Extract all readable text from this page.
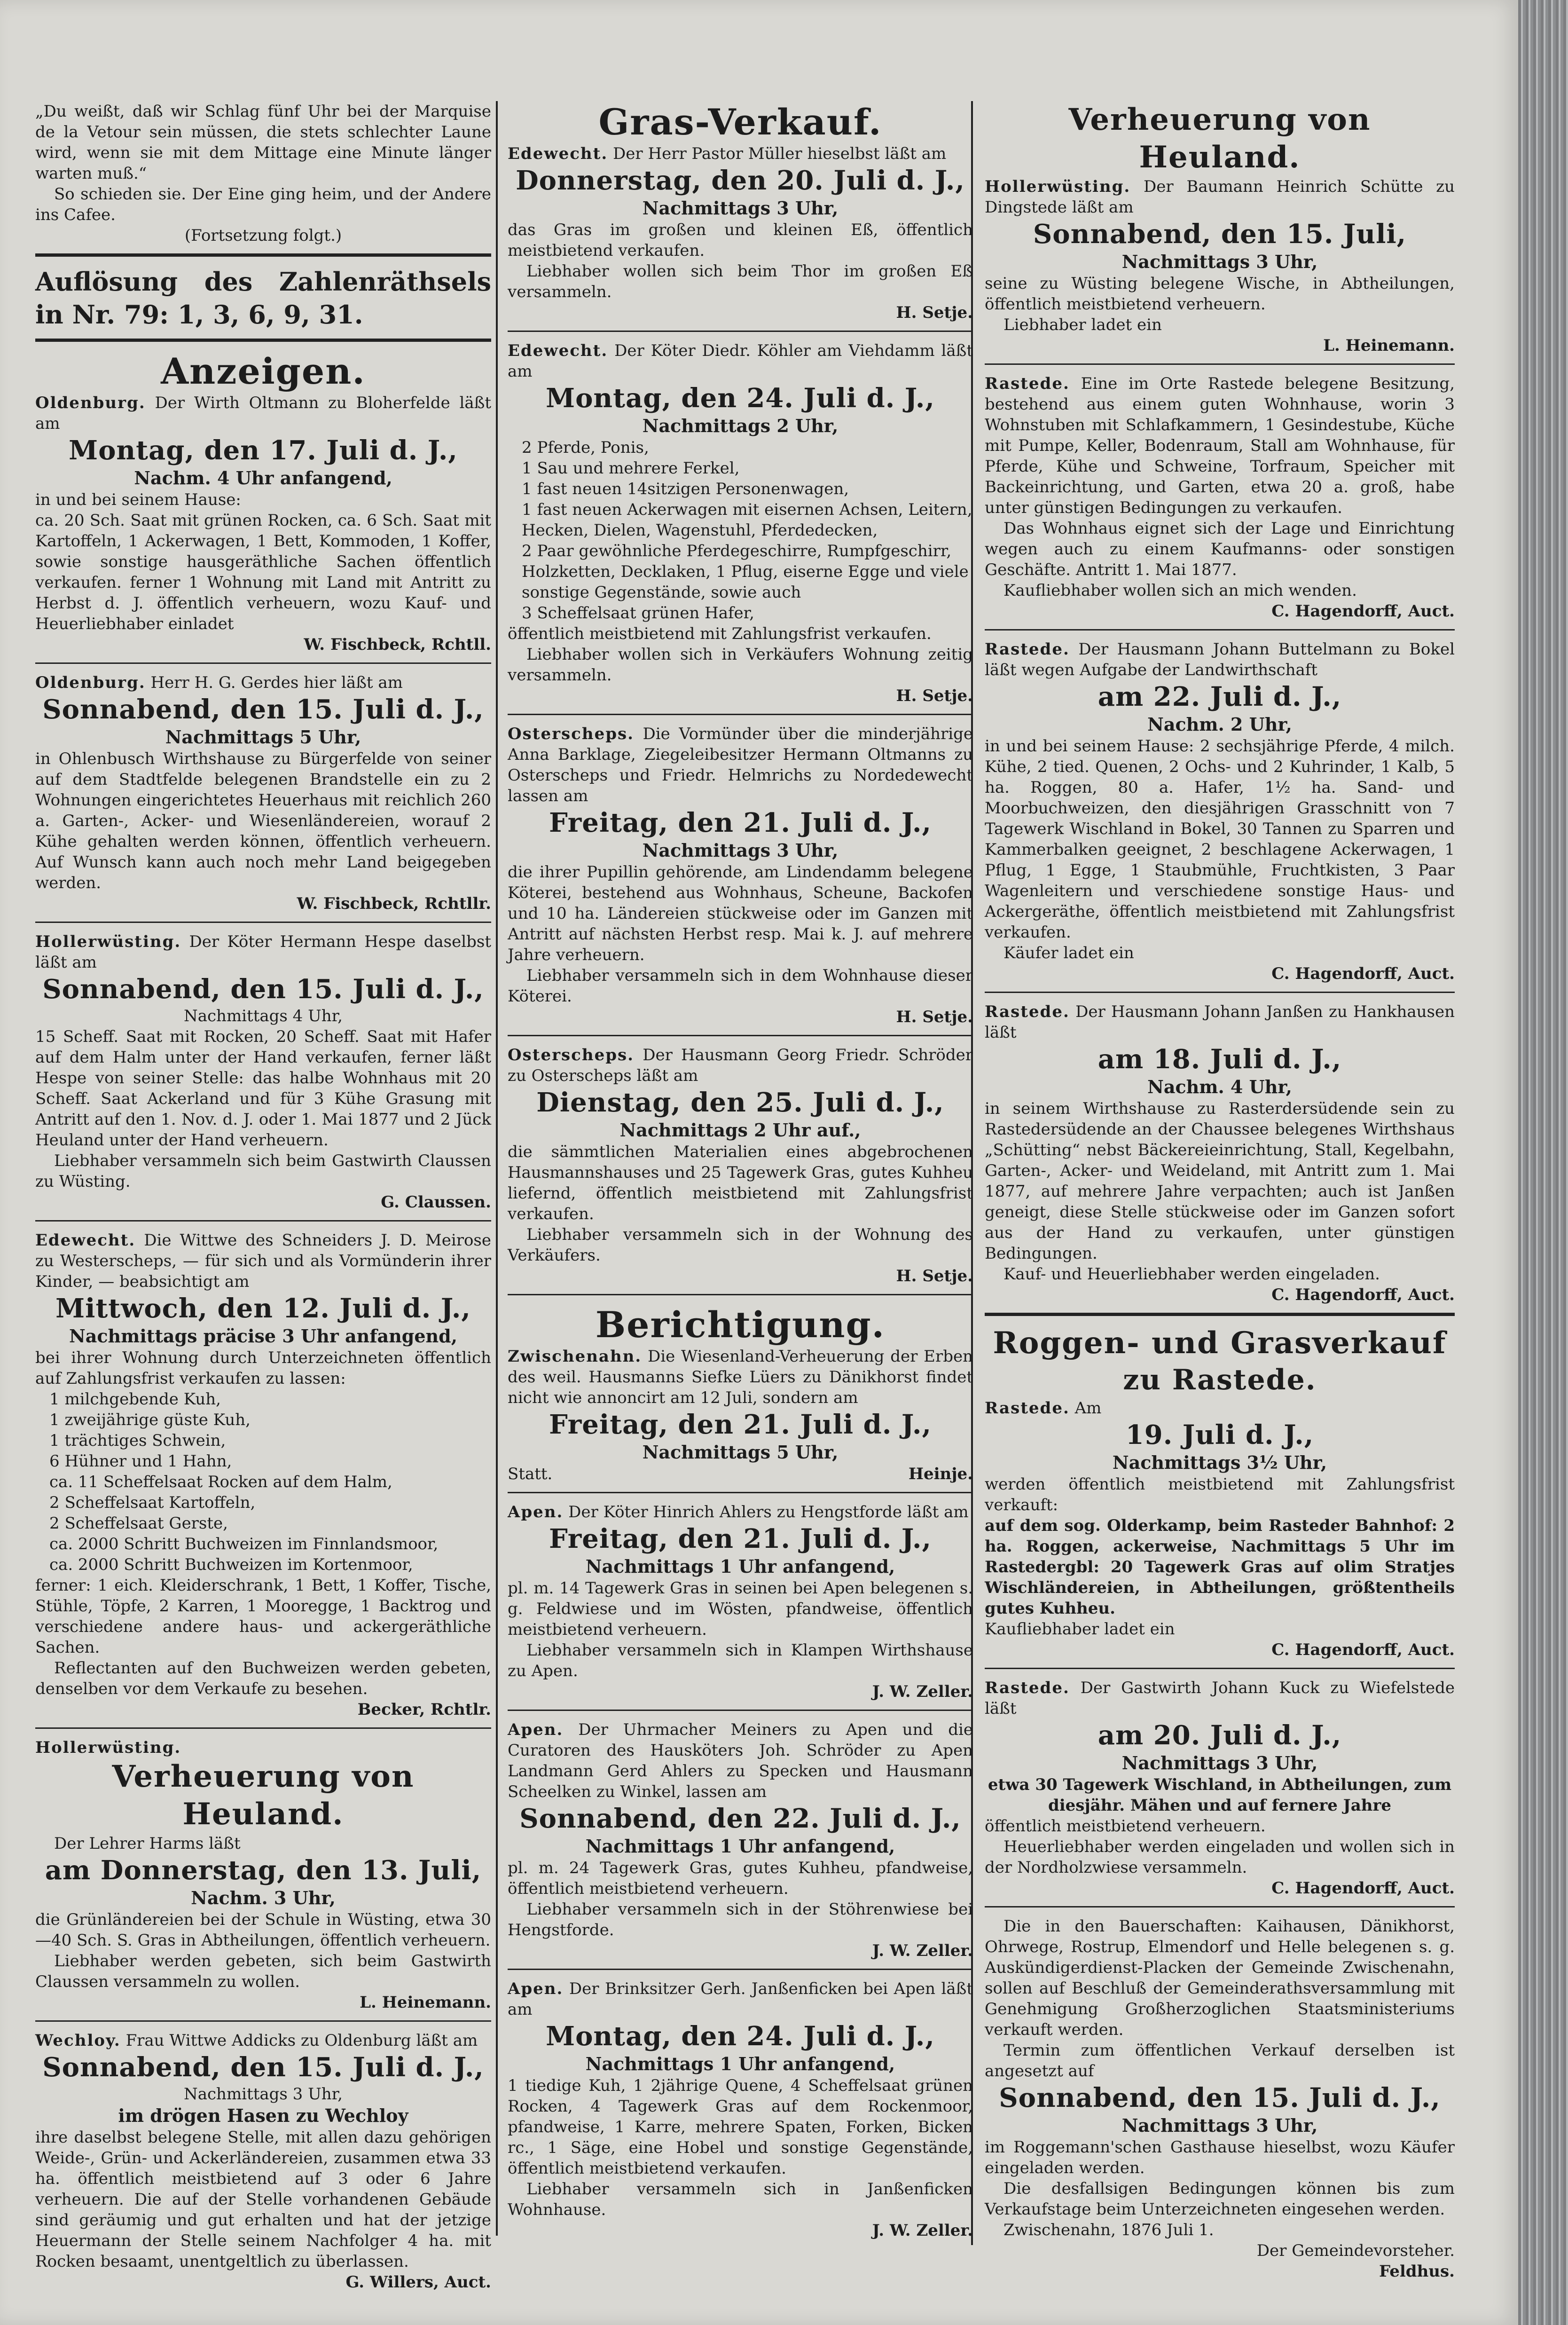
„Du weißt, daß wir Schlag fünf Uhr bei der Marquise de la Vetour sein müssen, die stets schlechter Laune wird, wenn sie mit dem Mittage eine Minute länger warten muß.“

So schieden sie. Der Eine ging heim, und der Andere ins Cafee.

(Fortsetzung folgt.)

Auflösung des Zahlenräthsels in Nr. 79: 1, 3, 6, 9, 31.

Anzeigen.

Oldenburg. Der Wirth Oltmann zu Bloherfelde läßt am

Montag, den 17. Juli d. J.,
Nachm. 4 Uhr anfangend,

in und bei seinem Hause:

ca. 20 Sch. Saat mit grünen Rocken, ca. 6 Sch. Saat mit Kartoffeln, 1 Ackerwagen, 1 Bett, Kommoden, 1 Koffer, sowie sonstige hausgeräthliche Sachen öffentlich verkaufen. ferner 1 Wohnung mit Land mit Antritt zu Herbst d. J. öffentlich verheuern, wozu Kauf- und Heuerliebhaber einladet

W. Fischbeck, Rchtll.

Oldenburg. Herr H. G. Gerdes hier läßt am

Sonnabend, den 15. Juli d. J.,
Nachmittags 5 Uhr,

in Ohlenbusch Wirthshause zu Bürgerfelde von seiner auf dem Stadtfelde belegenen Brandstelle ein zu 2 Wohnungen eingerichtetes Heuerhaus mit reichlich 260 a. Garten-, Acker- und Wiesenländereien, worauf 2 Kühe gehalten werden können, öffentlich verheuern. Auf Wunsch kann auch noch mehr Land beigegeben werden.

W. Fischbeck, Rchtllr.

Hollerwüsting. Der Köter Hermann Hespe daselbst läßt am

Sonnabend, den 15. Juli d. J.,
Nachmittags 4 Uhr,

15 Scheff. Saat mit Rocken, 20 Scheff. Saat mit Hafer auf dem Halm unter der Hand verkaufen, ferner läßt Hespe von seiner Stelle: das halbe Wohnhaus mit 20 Scheff. Saat Ackerland und für 3 Kühe Grasung mit Antritt auf den 1. Nov. d. J. oder 1. Mai 1877 und 2 Jück Heuland unter der Hand verheuern.

Liebhaber versammeln sich beim Gastwirth Claussen zu Wüsting.

G. Claussen.

Edewecht. Die Wittwe des Schneiders J. D. Meirose zu Westerscheps, — für sich und als Vormünderin ihrer Kinder, — beabsichtigt am

Mittwoch, den 12. Juli d. J.,
Nachmittags präcise 3 Uhr anfangend,

bei ihrer Wohnung durch Unterzeichneten öffentlich auf Zahlungsfrist verkaufen zu lassen:

1 milchgebende Kuh,
1 zweijährige güste Kuh,
1 trächtiges Schwein,
6 Hühner und 1 Hahn,
ca. 11 Scheffelsaat Rocken auf dem Halm,
2 Scheffelsaat Kartoffeln,
2 Scheffelsaat Gerste,
ca. 2000 Schritt Buchweizen im Finnlandsmoor,
ca. 2000 Schritt Buchweizen im Kortenmoor,

ferner: 1 eich. Kleiderschrank, 1 Bett, 1 Koffer, Tische, Stühle, Töpfe, 2 Karren, 1 Mooregge, 1 Backtrog und verschiedene andere haus- und ackergeräthliche Sachen.

Reflectanten auf den Buchweizen werden gebeten, denselben vor dem Verkaufe zu besehen.

Becker, Rchtlr.

Hollerwüsting.

Verheuerung von Heuland.

Der Lehrer Harms läßt

am Donnerstag, den 13. Juli,
Nachm. 3 Uhr,

die Grünländereien bei der Schule in Wüsting, etwa 30—40 Sch. S. Gras in Abtheilungen, öffentlich verheuern.

Liebhaber werden gebeten, sich beim Gastwirth Claussen versammeln zu wollen.

L. Heinemann.

Wechloy. Frau Wittwe Addicks zu Oldenburg läßt am

Sonnabend, den 15. Juli d. J.,
Nachmittags 3 Uhr,
im drögen Hasen zu Wechloy

ihre daselbst belegene Stelle, mit allen dazu gehörigen Weide-, Grün- und Ackerländereien, zusammen etwa 33 ha. öffentlich meistbietend auf 3 oder 6 Jahre verheuern. Die auf der Stelle vorhandenen Gebäude sind geräumig und gut erhalten und hat der jetzige Heuermann der Stelle seinem Nachfolger 4 ha. mit Rocken besaamt, unentgeltlich zu überlassen.

G. Willers, Auct.

Gras-Verkauf.

Edewecht. Der Herr Pastor Müller hieselbst läßt am

Donnerstag, den 20. Juli d. J.,
Nachmittags 3 Uhr,

das Gras im großen und kleinen Eß, öffentlich meistbietend verkaufen.

Liebhaber wollen sich beim Thor im großen Eß versammeln.

H. Setje.

Edewecht. Der Köter Diedr. Köhler am Viehdamm läßt am

Montag, den 24. Juli d. J.,
Nachmittags 2 Uhr,
2 Pferde, Ponis,
1 Sau und mehrere Ferkel,
1 fast neuen 14sitzigen Personenwagen,
1 fast neuen Ackerwagen mit eisernen Achsen, Leitern, Hecken, Dielen, Wagenstuhl, Pferdedecken,
2 Paar gewöhnliche Pferdegeschirre, Rumpfgeschirr, Holzketten, Decklaken, 1 Pflug, eiserne Egge und viele sonstige Gegenstände, sowie auch
3 Scheffelsaat grünen Hafer,

öffentlich meistbietend mit Zahlungsfrist verkaufen.

Liebhaber wollen sich in Verkäufers Wohnung zeitig versammeln.

H. Setje.

Osterscheps. Die Vormünder über die minderjährige Anna Barklage, Ziegeleibesitzer Hermann Oltmanns zu Osterscheps und Friedr. Helmrichs zu Nordedewecht lassen am

Freitag, den 21. Juli d. J.,
Nachmittags 3 Uhr,

die ihrer Pupillin gehörende, am Lindendamm belegene Köterei, bestehend aus Wohnhaus, Scheune, Backofen und 10 ha. Ländereien stückweise oder im Ganzen mit Antritt auf nächsten Herbst resp. Mai k. J. auf mehrere Jahre verheuern.

Liebhaber versammeln sich in dem Wohnhause dieser Köterei.

H. Setje.

Osterscheps. Der Hausmann Georg Friedr. Schröder zu Osterscheps läßt am

Dienstag, den 25. Juli d. J.,
Nachmittags 2 Uhr auf.,

die sämmtlichen Materialien eines abgebrochenen Hausmannshauses und 25 Tagewerk Gras, gutes Kuhheu liefernd, öffentlich meistbietend mit Zahlungsfrist verkaufen.

Liebhaber versammeln sich in der Wohnung des Verkäufers.

H. Setje.

Berichtigung.

Zwischenahn. Die Wiesenland-Verheuerung der Erben des weil. Hausmanns Siefke Lüers zu Dänikhorst findet nicht wie annoncirt am 12 Juli, sondern am

Freitag, den 21. Juli d. J.,
Nachmittags 5 Uhr,
Statt.	Heinje.

Apen. Der Köter Hinrich Ahlers zu Hengstforde läßt am

Freitag, den 21. Juli d. J.,
Nachmittags 1 Uhr anfangend,

pl. m. 14 Tagewerk Gras in seinen bei Apen belegenen s. g. Feldwiese und im Wösten, pfandweise, öffentlich meistbietend verheuern.

Liebhaber versammeln sich in Klampen Wirthshause zu Apen.

J. W. Zeller.

Apen. Der Uhrmacher Meiners zu Apen und die Curatoren des Hausköters Joh. Schröder zu Apen Landmann Gerd Ahlers zu Specken und Hausmann Scheelken zu Winkel, lassen am

Sonnabend, den 22. Juli d. J.,
Nachmittags 1 Uhr anfangend,

pl. m. 24 Tagewerk Gras, gutes Kuhheu, pfandweise, öffentlich meistbietend verheuern.

Liebhaber versammeln sich in der Stöhrenwiese bei Hengstforde.

J. W. Zeller.

Apen. Der Brinksitzer Gerh. Janßenficken bei Apen läßt am

Montag, den 24. Juli d. J.,
Nachmittags 1 Uhr anfangend,

1 tiedige Kuh, 1 2jährige Quene, 4 Scheffelsaat grünen Rocken, 4 Tagewerk Gras auf dem Rockenmoor, pfandweise, 1 Karre, mehrere Spaten, Forken, Bicken rc., 1 Säge, eine Hobel und sonstige Gegenstände, öffentlich meistbietend verkaufen.

Liebhaber versammeln sich in Janßenficken Wohnhause.

J. W. Zeller.

Verheuerung von Heuland.

Hollerwüsting. Der Baumann Heinrich Schütte zu Dingstede läßt am

Sonnabend, den 15. Juli,
Nachmittags 3 Uhr,

seine zu Wüsting belegene Wische, in Abtheilungen, öffentlich meistbietend verheuern.

Liebhaber ladet ein

L. Heinemann.

Rastede. Eine im Orte Rastede belegene Besitzung, bestehend aus einem guten Wohnhause, worin 3 Wohnstuben mit Schlafkammern, 1 Gesindestube, Küche mit Pumpe, Keller, Bodenraum, Stall am Wohnhause, für Pferde, Kühe und Schweine, Torfraum, Speicher mit Backeinrichtung, und Garten, etwa 20 a. groß, habe unter günstigen Bedingungen zu verkaufen.

Das Wohnhaus eignet sich der Lage und Einrichtung wegen auch zu einem Kaufmanns- oder sonstigen Geschäfte. Antritt 1. Mai 1877.

Kaufliebhaber wollen sich an mich wenden.

C. Hagendorff, Auct.

Rastede. Der Hausmann Johann Buttelmann zu Bokel läßt wegen Aufgabe der Landwirthschaft

am 22. Juli d. J.,
Nachm. 2 Uhr,

in und bei seinem Hause: 2 sechsjährige Pferde, 4 milch. Kühe, 2 tied. Quenen, 2 Ochs- und 2 Kuhrinder, 1 Kalb, 5 ha. Roggen, 80 a. Hafer, 1½ ha. Sand- und Moorbuchweizen, den diesjährigen Grasschnitt von 7 Tagewerk Wischland in Bokel, 30 Tannen zu Sparren und Kammerbalken geeignet, 2 beschlagene Ackerwagen, 1 Pflug, 1 Egge, 1 Staubmühle, Fruchtkisten, 3 Paar Wagenleitern und verschiedene sonstige Haus- und Ackergeräthe, öffentlich meistbietend mit Zahlungsfrist verkaufen.

Käufer ladet ein

C. Hagendorff, Auct.

Rastede. Der Hausmann Johann Janßen zu Hankhausen läßt

am 18. Juli d. J.,
Nachm. 4 Uhr,

in seinem Wirthshause zu Rasterdersüdende sein zu Rastedersüdende an der Chaussee belegenes Wirthshaus „Schütting“ nebst Bäckereieinrichtung, Stall, Kegelbahn, Garten-, Acker- und Weideland, mit Antritt zum 1. Mai 1877, auf mehrere Jahre verpachten; auch ist Janßen geneigt, diese Stelle stückweise oder im Ganzen sofort aus der Hand zu verkaufen, unter günstigen Bedingungen.

Kauf- und Heuerliebhaber werden eingeladen.

C. Hagendorff, Auct.

Roggen- und Grasverkauf
zu Rastede.

Rastede. Am

19. Juli d. J.,
Nachmittags 3½ Uhr,

werden öffentlich meistbietend mit Zahlungsfrist verkauft:

auf dem sog. Olderkamp, beim Rasteder Bahnhof: 2 ha. Roggen, ackerweise, Nachmittags 5 Uhr im Rastedergbl: 20 Tagewerk Gras auf olim Stratjes Wischländereien, in Abtheilungen, größtentheils gutes Kuhheu.

Kaufliebhaber ladet ein

C. Hagendorff, Auct.

Rastede. Der Gastwirth Johann Kuck zu Wiefelstede läßt

am 20. Juli d. J.,
Nachmittags 3 Uhr,

etwa 30 Tagewerk Wischland, in Abtheilungen, zum diesjähr. Mähen und auf fernere Jahre

öffentlich meistbietend verheuern.

Heuerliebhaber werden eingeladen und wollen sich in der Nordholzwiese versammeln.

C. Hagendorff, Auct.

Die in den Bauerschaften: Kaihausen, Dänikhorst, Ohrwege, Rostrup, Elmendorf und Helle belegenen s. g. Auskündigerdienst-Placken der Gemeinde Zwischenahn, sollen auf Beschluß der Gemeinderathsversammlung mit Genehmigung Großherzoglichen Staatsministeriums verkauft werden.

Termin zum öffentlichen Verkauf derselben ist angesetzt auf

Sonnabend, den 15. Juli d. J.,
Nachmittags 3 Uhr,

im Roggemann'schen Gasthause hieselbst, wozu Käufer eingeladen werden.

Die desfallsigen Bedingungen können bis zum Verkaufstage beim Unterzeichneten eingesehen werden.

Zwischenahn, 1876 Juli 1.

Der Gemeindevorsteher.

Feldhus.
